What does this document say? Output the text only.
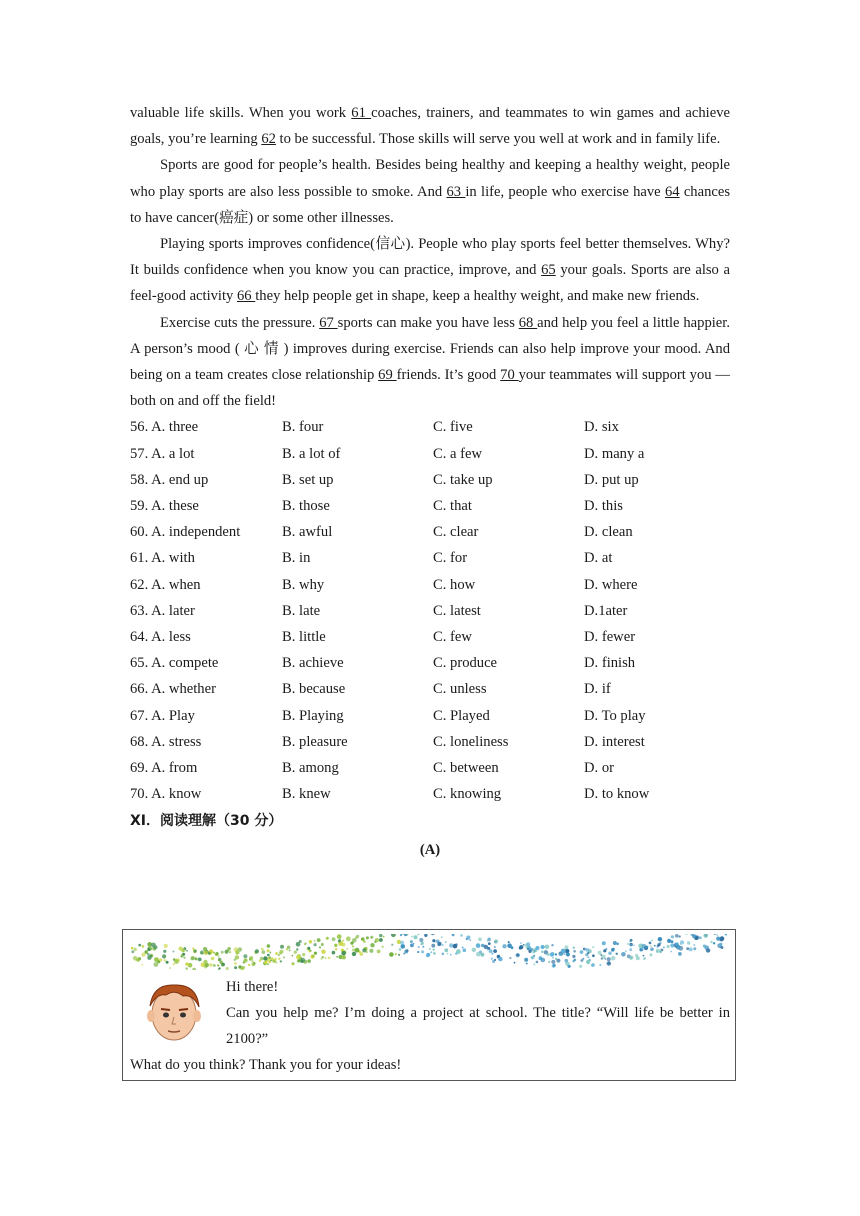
valuable life skills. When you work 61 coaches, trainers, and teammates to win games and achieve goals, you’re learning 62 to be successful. Those skills will serve you well at work and in family life.

Sports are good for people’s health. Besides being healthy and keeping a healthy weight, people who play sports are also less possible to smoke. And 63 in life, people who exercise have 64 chances to have cancer(癌症) or some other illnesses.

Playing sports improves confidence(信心). People who play sports feel better themselves. Why? It builds confidence when you know you can practice, improve, and 65 your goals. Sports are also a feel-good activity 66 they help people get in shape, keep a healthy weight, and make new friends.

Exercise cuts the pressure. 67 sports can make you have less 68 and help you feel a little happier. A person’s mood ( 心 情 ) improves during exercise. Friends can also help improve your mood. And being on a team creates close relationship 69 friends. It’s good 70 your teammates will support you — both on and off the field!

56. A. three	B. four	C. five	D. six
57. A. a lot	B. a lot of	C. a few	D. many a
58. A. end up	B. set up	C. take up	D. put up
59. A. these	B. those	C. that	D. this
60. A. independent	B. awful	C. clear	D. clean
61. A. with	B. in	C. for	D. at
62. A. when	B. why	C. how	D. where
63. A. later	B. late	C. latest	D.1ater
64. A. less	B. little	C. few	D. fewer
65. A. compete	B. achieve	C. produce	D. finish
66. A. whether	B. because	C. unless	D. if
67. A. Play	B. Playing	C. Played	D. To play
68. A. stress	B. pleasure	C. loneliness	D. interest
69. A. from	B. among	C. between	D. or
70. A. know	B. knew	C. knowing	D. to know
XI．阅读理解（30 分）
(A)
Hi there!
Can you help me? I’m doing a project at school. The title? “Will life be better in 2100?”
What do you think? Thank you for your ideas!
